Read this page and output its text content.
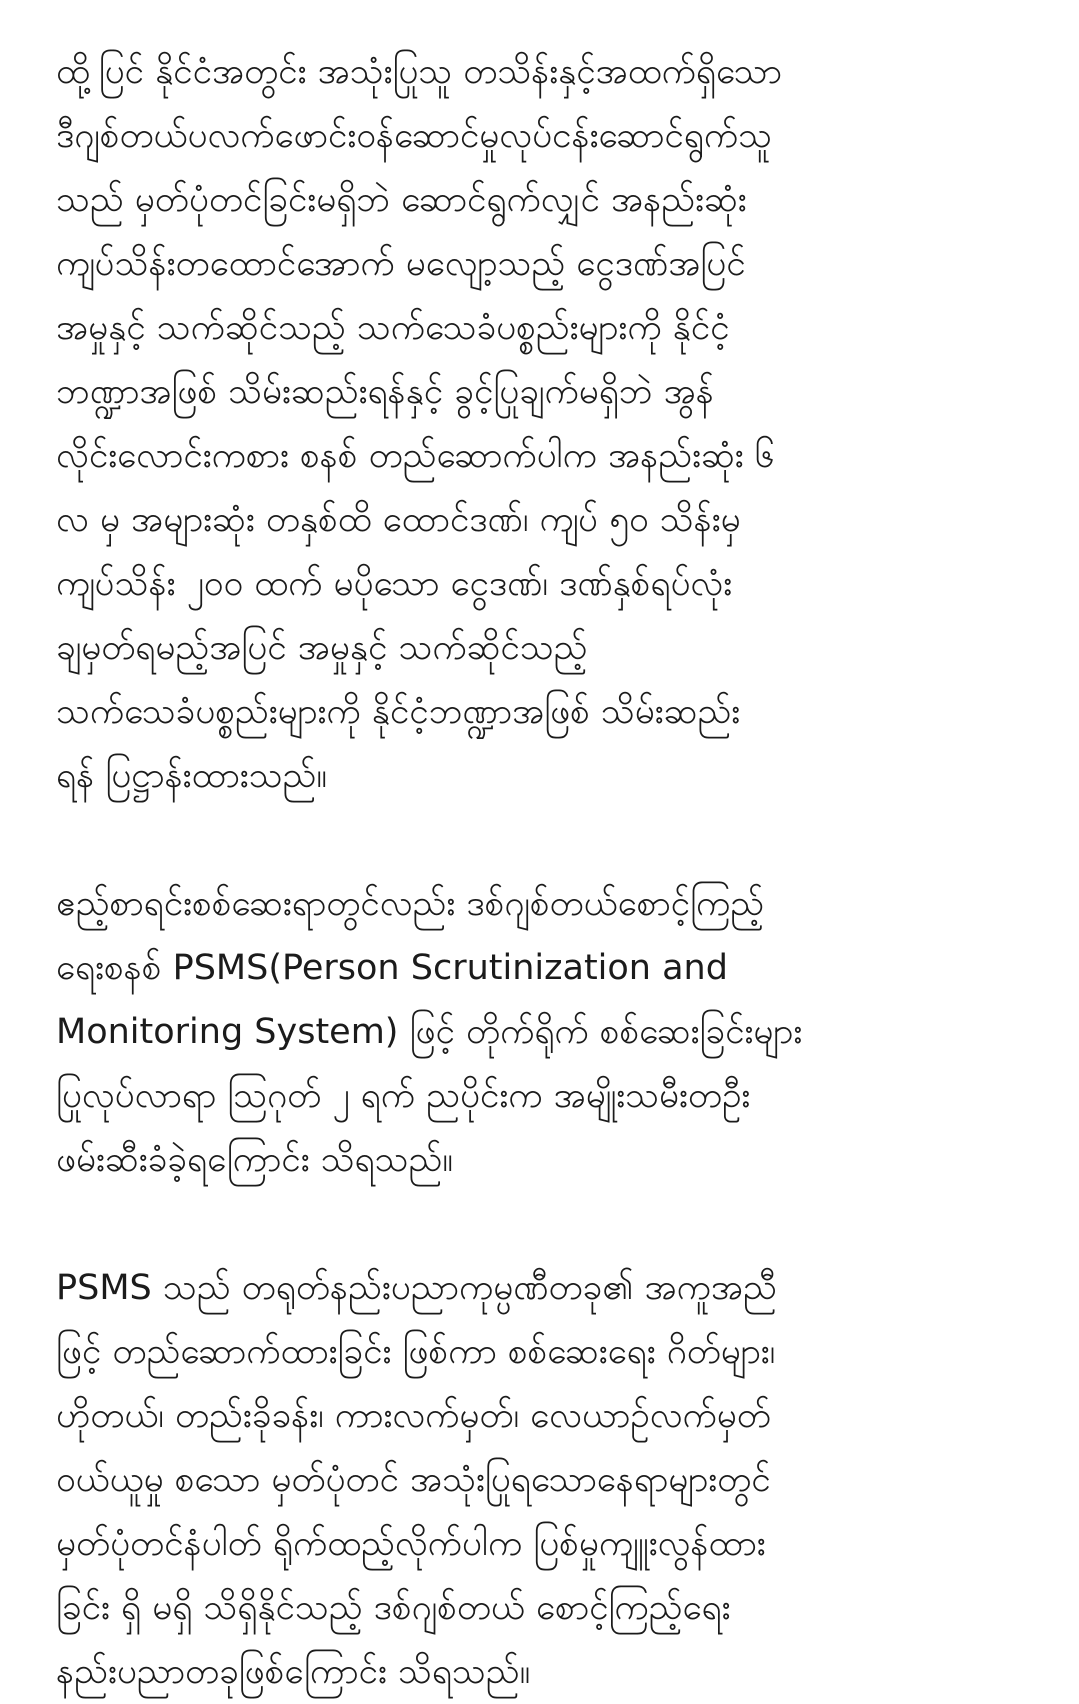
ထို့ပြင် နိုင်ငံအတွင်း အသုံးပြုသူ တသိန်းနှင့်အထက်ရှိသော
ဒီဂျစ်တယ်ပလက်ဖောင်းဝန်ဆောင်မှုလုပ်ငန်းဆောင်ရွက်သူ
သည် မှတ်ပုံတင်ခြင်းမရှိဘဲ ဆောင်ရွက်လျှင် အနည်းဆုံး
ကျပ်သိန်းတထောင်အောက် မလျော့သည့် ငွေဒဏ်အပြင်
အမှုနှင့် သက်ဆိုင်သည့် သက်သေခံပစ္စည်းများကို နိုင်ငံ့
ဘဏ္ဍာအဖြစ် သိမ်းဆည်းရန်နှင့် ခွင့်ပြုချက်မရှိဘဲ အွန်
လိုင်းလောင်းကစား စနစ် တည်ဆောက်ပါက အနည်းဆုံး ၆
လ မှ အများဆုံး တနှစ်ထိ ထောင်ဒဏ်၊ ကျပ် ၅၀ သိန်းမှ
ကျပ်သိန်း ၂၀၀ ထက် မပိုသော ငွေဒဏ်၊ ဒဏ်နှစ်ရပ်လုံး
ချမှတ်ရမည့်အပြင် အမှုနှင့် သက်ဆိုင်သည့်
သက်သေခံပစ္စည်းများကို နိုင်ငံ့ဘဏ္ဍာအဖြစ် သိမ်းဆည်း
ရန် ပြဋ္ဌာန်းထားသည်။

ဧည့်စာရင်းစစ်ဆေးရာတွင်လည်း ဒစ်ဂျစ်တယ်စောင့်ကြည့်
ရေးစနစ် PSMS(Person Scrutinization and
Monitoring System) ဖြင့် တိုက်ရိုက် စစ်ဆေးခြင်းများ
ပြုလုပ်လာရာ ဩဂုတ် ၂ ရက် ညပိုင်းက အမျိုးသမီးတဦး
ဖမ်းဆီးခံခဲ့ရကြောင်း သိရသည်။

PSMS သည် တရုတ်နည်းပညာကုမ္ပဏီတခု၏ အကူအညီ
ဖြင့် တည်ဆောက်ထားခြင်း ဖြစ်ကာ စစ်ဆေးရေး ဂိတ်များ၊
ဟိုတယ်၊ တည်းခိုခန်း၊ ကားလက်မှတ်၊ လေယာဉ်လက်မှတ်
ဝယ်ယူမှု စသော မှတ်ပုံတင် အသုံးပြုရသောနေရာများတွင်
မှတ်ပုံတင်နံပါတ် ရိုက်ထည့်လိုက်ပါက ပြစ်မှုကျူးလွန်ထား
ခြင်း ရှိ မရှိ သိရှိနိုင်သည့် ဒစ်ဂျစ်တယ် စောင့်ကြည့်ရေး
နည်းပညာတခုဖြစ်ကြောင်း သိရသည်။
